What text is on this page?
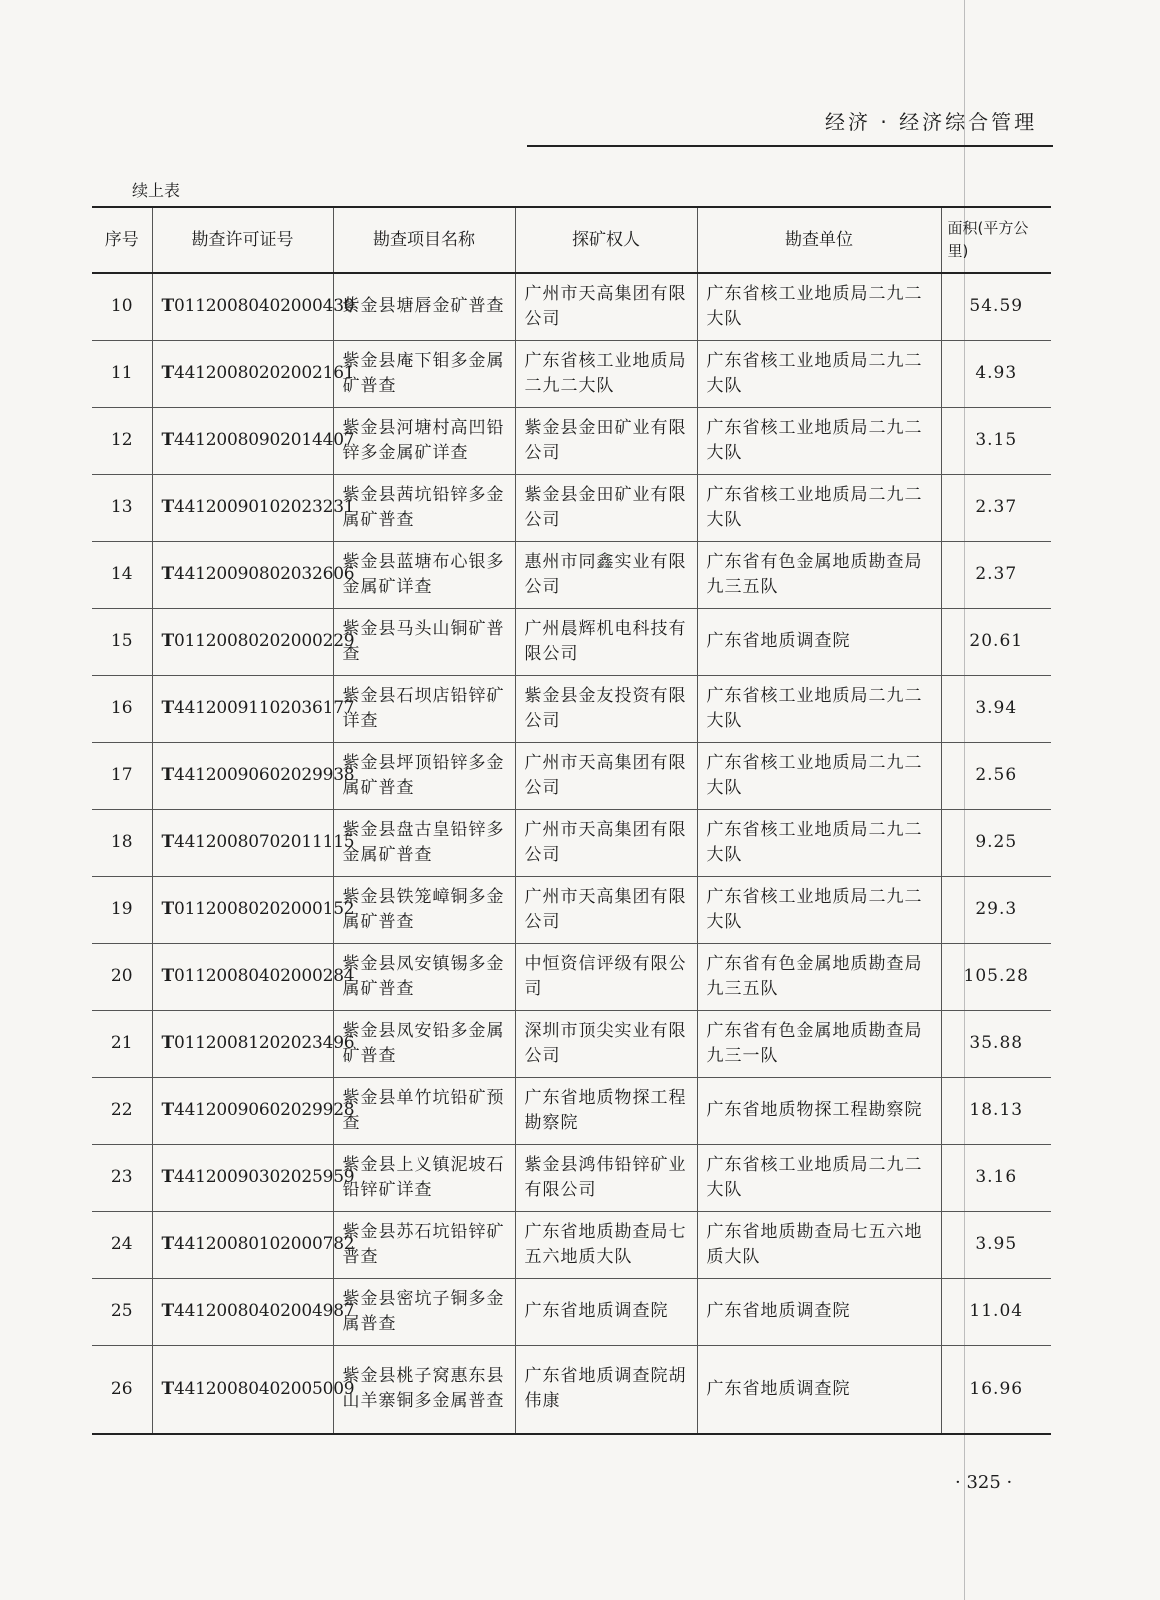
经济 · 经济综合管理
续上表
序号	勘查许可证号	勘查项目名称	探矿权人	勘查单位	面积(平方公里)
10	T01120080402000430	紫金县塘唇金矿普查	广州市天高集团有限公司	广东省核工业地质局二九二大队	54.59
11	T44120080202002161	紫金县庵下钼多金属矿普查	广东省核工业地质局二九二大队	广东省核工业地质局二九二大队	4.93
12	T44120080902014407	紫金县河塘村高凹铅锌多金属矿详查	紫金县金田矿业有限公司	广东省核工业地质局二九二大队	3.15
13	T44120090102023231	紫金县茜坑铅锌多金属矿普查	紫金县金田矿业有限公司	广东省核工业地质局二九二大队	2.37
14	T44120090802032606	紫金县蓝塘布心银多金属矿详查	惠州市同鑫实业有限公司	广东省有色金属地质勘查局九三五队	2.37
15	T01120080202000229	紫金县马头山铜矿普查	广州晨辉机电科技有限公司	广东省地质调查院	20.61
16	T44120091102036177	紫金县石坝店铅锌矿详查	紫金县金友投资有限公司	广东省核工业地质局二九二大队	3.94
17	T44120090602029938	紫金县坪顶铅锌多金属矿普查	广州市天高集团有限公司	广东省核工业地质局二九二大队	2.56
18	T44120080702011115	紫金县盘古皇铅锌多金属矿普查	广州市天高集团有限公司	广东省核工业地质局二九二大队	9.25
19	T01120080202000152	紫金县铁笼嶂铜多金属矿普查	广州市天高集团有限公司	广东省核工业地质局二九二大队	29.3
20	T01120080402000284	紫金县凤安镇锡多金属矿普查	中恒资信评级有限公司	广东省有色金属地质勘查局九三五队	105.28
21	T01120081202023496	紫金县凤安铅多金属矿普查	深圳市顶尖实业有限公司	广东省有色金属地质勘查局九三一队	35.88
22	T44120090602029928	紫金县单竹坑铅矿预查	广东省地质物探工程勘察院	广东省地质物探工程勘察院	18.13
23	T44120090302025959	紫金县上义镇泥坡石铅锌矿详查	紫金县鸿伟铅锌矿业有限公司	广东省核工业地质局二九二大队	3.16
24	T44120080102000782	紫金县苏石坑铅锌矿普查	广东省地质勘查局七五六地质大队	广东省地质勘查局七五六地质大队	3.95
25	T44120080402004987	紫金县密坑子铜多金属普查	广东省地质调查院	广东省地质调查院	11.04
26	T44120080402005009	紫金县桃子窝惠东县山羊寨铜多金属普查	广东省地质调查院胡伟康	广东省地质调查院	16.96
· 325 ·
